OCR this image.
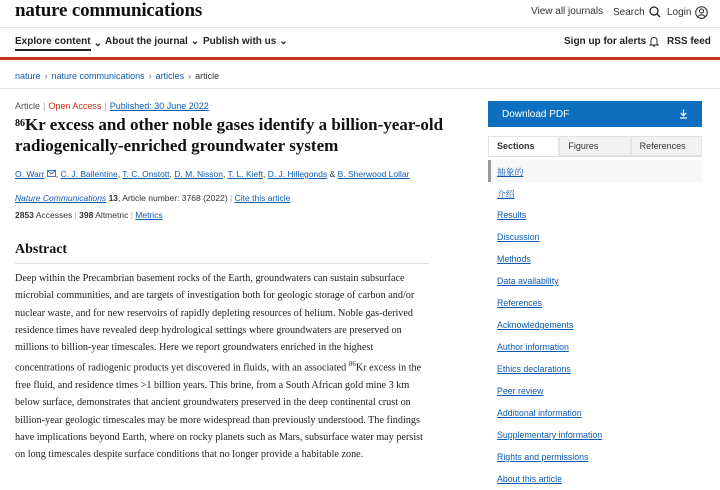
nature communications	View all journals Search Login
Explore content ⌄ About the journal ⌄ Publish with us ⌄	Sign up for alerts RSS feed
nature › nature communications › articles › article
Article | Open Access | Published: 30 June 2022
$^{86}$Kr excess and other noble gases identify a billion-year-old radiogenically-enriched groundwater system
O. Warr , C. J. Ballentine, T. C. Onstott, D. M. Nisson, T. L. Kieft, D. J. Hillegonds & B. Sherwood Lollar
Nature Communications 13, Article number: 3768 (2022) | Cite this article
2853 Accesses | 398 Altmetric | Metrics
Abstract
Deep within the Precambrian basement rocks of the Earth, groundwaters can sustain subsurface microbial communities, and are targets of investigation both for geologic storage of carbon and/or nuclear waste, and for new reservoirs of rapidly depleting resources of helium. Noble gas-derived residence times have revealed deep hydrological settings where groundwaters are preserved on millions to billion-year timescales. Here we report groundwaters enriched in the highest concentrations of radiogenic products yet discovered in fluids, with an associated $^{86}$Kr excess in the free fluid, and residence times >1 billion years. This brine, from a South African gold mine 3 km below surface, demonstrates that ancient groundwaters preserved in the deep continental crust on billion-year geologic timescales may be more widespread than previously understood. The findings have implications beyond Earth, where on rocky planets such as Mars, subsurface water may persist on long timescales despite surface conditions that no longer provide a habitable zone.
Download PDF
Sections	Figures	References
抽象的
介绍
Results
Discussion
Methods
Data availability
References
Acknowledgements
Author information
Ethics declarations
Peer review
Additional information
Supplementary information
Rights and permissions
About this article
